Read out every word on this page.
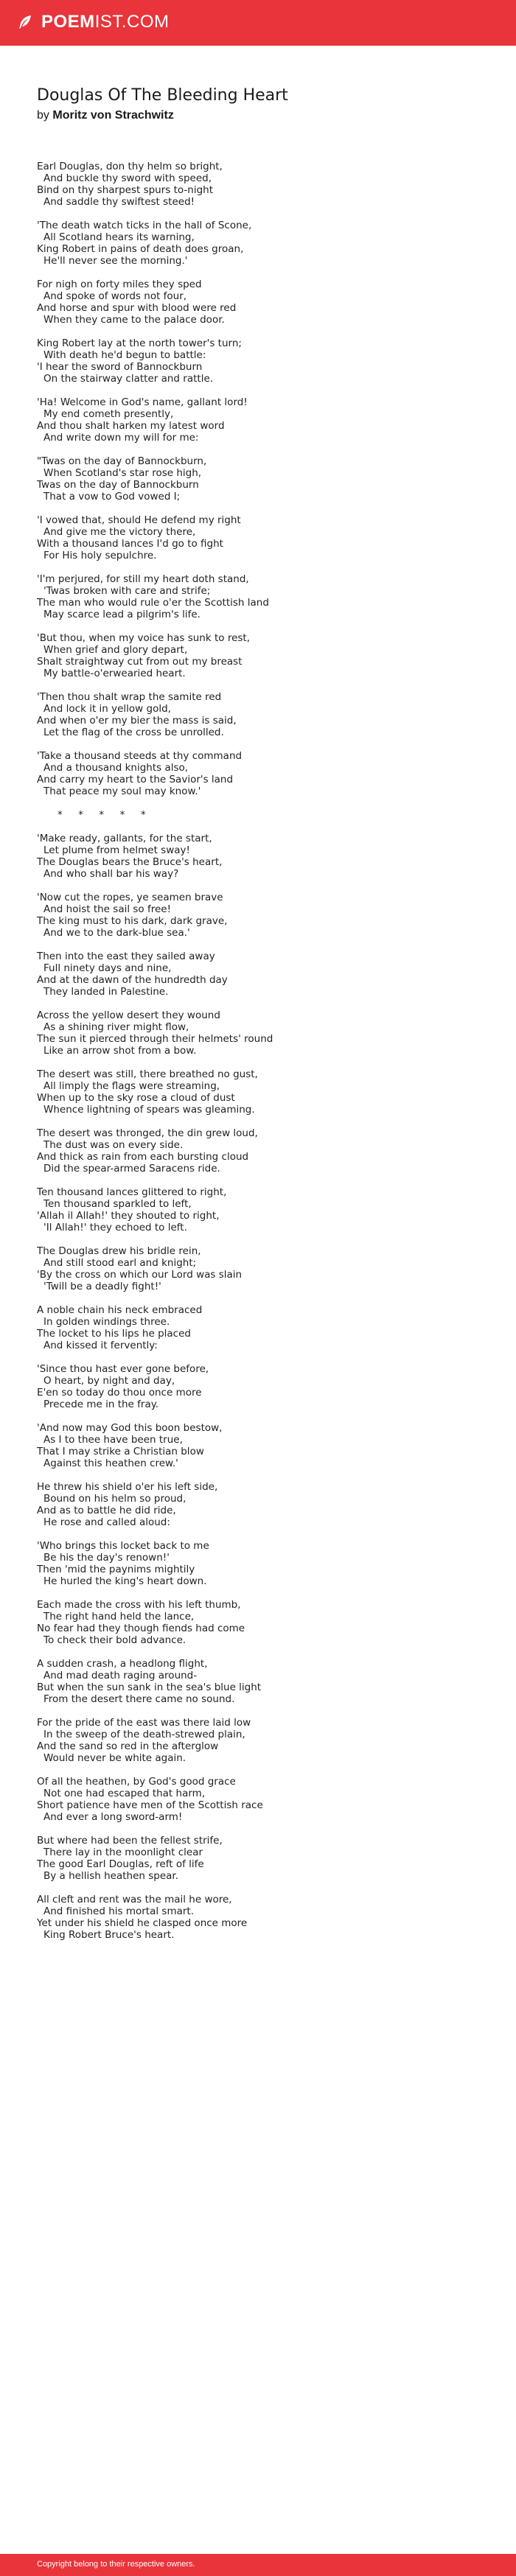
POEM IST.COM
Douglas Of The Bleeding Heart

by Moritz von Strachwitz

Earl Douglas, don thy helm so bright,
And buckle thy sword with speed,
Bind on thy sharpest spurs to-night
And saddle thy swiftest steed!
'The death watch ticks in the hall of Scone,
All Scotland hears its warning,
King Robert in pains of death does groan,
He'll never see the morning.'
For nigh on forty miles they sped
And spoke of words not four,
And horse and spur with blood were red
When they came to the palace door.
King Robert lay at the north tower's turn;
With death he'd begun to battle:
'I hear the sword of Bannockburn
On the stairway clatter and rattle.
'Ha! Welcome in God's name, gallant lord!
My end cometh presently,
And thou shalt harken my latest word
And write down my will for me:
"Twas on the day of Bannockburn,
When Scotland's star rose high,
Twas on the day of Bannockburn
That a vow to God vowed I;
'I vowed that, should He defend my right
And give me the victory there,
With a thousand lances I'd go to fight
For His holy sepulchre.
'I'm perjured, for still my heart doth stand,
'Twas broken with care and strife;
The man who would rule o'er the Scottish land
May scarce lead a pilgrim's life.
'But thou, when my voice has sunk to rest,
When grief and glory depart,
Shalt straightway cut from out my breast
My battle-o'erwearied heart.
'Then thou shalt wrap the samite red
And lock it in yellow gold,
And when o'er my bier the mass is said,
Let the flag of the cross be unrolled.
'Take a thousand steeds at thy command
And a thousand knights also,
And carry my heart to the Savior's land
That peace my soul may know.'
*     *     *     *     *
'Make ready, gallants, for the start,
Let plume from helmet sway!
The Douglas bears the Bruce's heart,
And who shall bar his way?
'Now cut the ropes, ye seamen brave
And hoist the sail so free!
The king must to his dark, dark grave,
And we to the dark-blue sea.'
Then into the east they sailed away
Full ninety days and nine,
And at the dawn of the hundredth day
They landed in Palestine.
Across the yellow desert they wound
As a shining river might flow,
The sun it pierced through their helmets' round
Like an arrow shot from a bow.
The desert was still, there breathed no gust,
All limply the flags were streaming,
When up to the sky rose a cloud of dust
Whence lightning of spears was gleaming.
The desert was thronged, the din grew loud,
The dust was on every side.
And thick as rain from each bursting cloud
Did the spear-armed Saracens ride.
Ten thousand lances glittered to right,
Ten thousand sparkled to left,
'Allah il Allah!' they shouted to right,
'Il Allah!' they echoed to left.
The Douglas drew his bridle rein,
And still stood earl and knight;
'By the cross on which our Lord was slain
'Twill be a deadly fight!'
A noble chain his neck embraced
In golden windings three.
The locket to his lips he placed
And kissed it fervently:
'Since thou hast ever gone before,
O heart, by night and day,
E'en so today do thou once more
Precede me in the fray.
'And now may God this boon bestow,
As I to thee have been true,
That I may strike a Christian blow
Against this heathen crew.'
He threw his shield o'er his left side,
Bound on his helm so proud,
And as to battle he did ride,
He rose and called aloud:
'Who brings this locket back to me
Be his the day's renown!'
Then 'mid the paynims mightily
He hurled the king's heart down.
Each made the cross with his left thumb,
The right hand held the lance,
No fear had they though fiends had come
To check their bold advance.
A sudden crash, a headlong flight,
And mad death raging around-
But when the sun sank in the sea's blue light
From the desert there came no sound.
For the pride of the east was there laid low
In the sweep of the death-strewed plain,
And the sand so red in the afterglow
Would never be white again.
Of all the heathen, by God's good grace
Not one had escaped that harm,
Short patience have men of the Scottish race
And ever a long sword-arm!
But where had been the fellest strife,
There lay in the moonlight clear
The good Earl Douglas, reft of life
By a hellish heathen spear.
All cleft and rent was the mail he wore,
And finished his mortal smart.
Yet under his shield he clasped once more
King Robert Bruce's heart.
Copyright belong to their respective owners.
